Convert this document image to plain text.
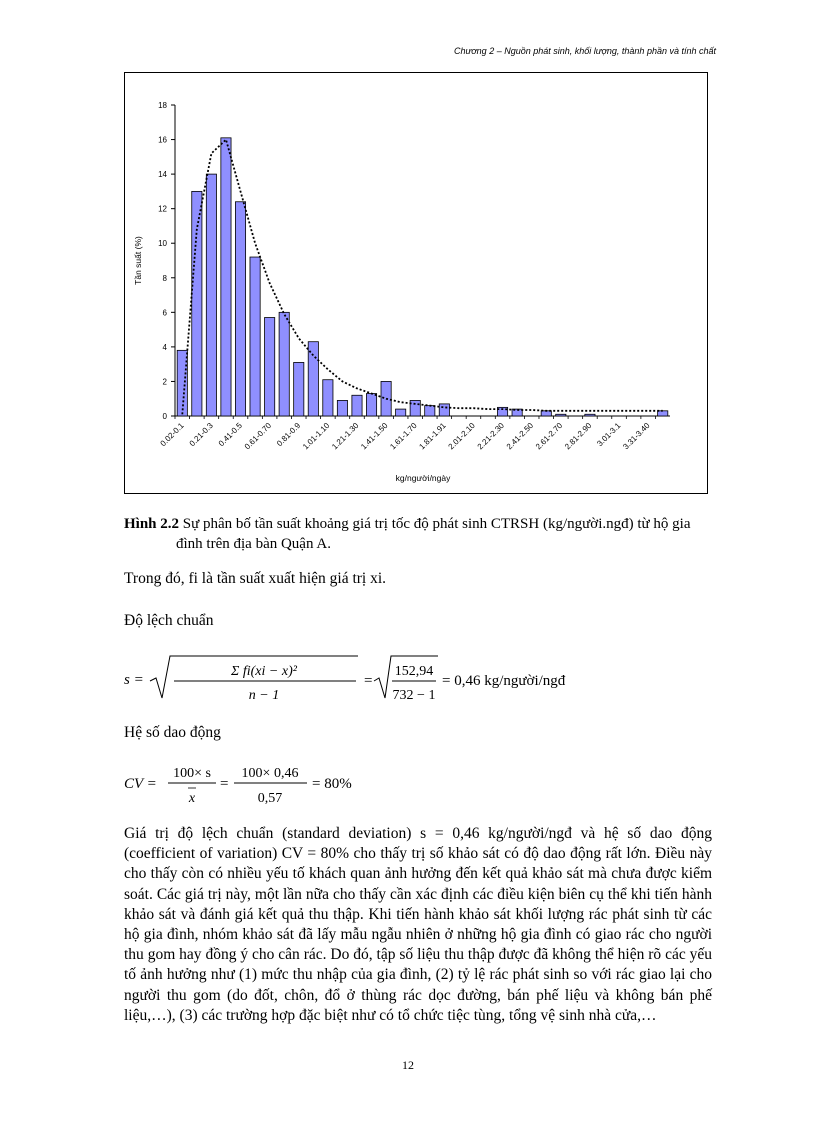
Chương 2 – Nguồn phát sinh, khối lượng, thành phần và tính chất
0
2
4
6
8
10
12
14
16
18
Tần suất (%)
0.02-0.1 0.21-0.3 0.41-0.5
0.61-0.70 0.81-0.9
1.01-1.10
1.21-1.30
1.41-1.50
1.61-1.70
1.81-1.91
2.01-2.10
2.21-2.30
2.41-2.50
2.61-2.70
2.81-2.90 3.01-3.1
3.31-3.40
kg/người/ngày
Hình 2.2 Sự phân bố tần suất khoảng giá trị tốc độ phát sinh CTRSH (kg/người.ngđ) từ hộ gia
đình trên địa bàn Quận A.
Trong đó, fi là tần suất xuất hiện giá trị xi.
Độ lệch chuẩn
s =
Σ fi(xi − x)²
n − 1
=
152,94
732 − 1
= 0,46 kg/người/ngđ
Hệ số dao động
CV =
100× s
x
=
100× 0,46
0,57
= 80%
Giá trị độ lệch chuẩn (standard deviation) s = 0,46 kg/người/ngđ và hệ số dao động (coefficient of variation) CV = 80% cho thấy trị số khảo sát có độ dao động rất lớn. Điều này cho thấy còn có nhiều yếu tố khách quan ảnh hưởng đến kết quả khảo sát mà chưa được kiểm soát. Các giá trị này, một lần nữa cho thấy cần xác định các điều kiện biên cụ thể khi tiến hành khảo sát và đánh giá kết quả thu thập. Khi tiến hành khảo sát khối lượng rác phát sinh từ các hộ gia đình, nhóm khảo sát đã lấy mẫu ngẫu nhiên ở những hộ gia đình có giao rác cho người thu gom hay đồng ý cho cân rác. Do đó, tập số liệu thu thập được đã không thể hiện rõ các yếu tố ảnh hưởng như (1) mức thu nhập của gia đình, (2) tỷ lệ rác phát sinh so với rác giao lại cho người thu gom (do đốt, chôn, đổ ở thùng rác dọc đường, bán phế liệu và không bán phế liệu,…), (3) các trường hợp đặc biệt như có tổ chức tiệc tùng, tổng vệ sinh nhà cửa,…
12
